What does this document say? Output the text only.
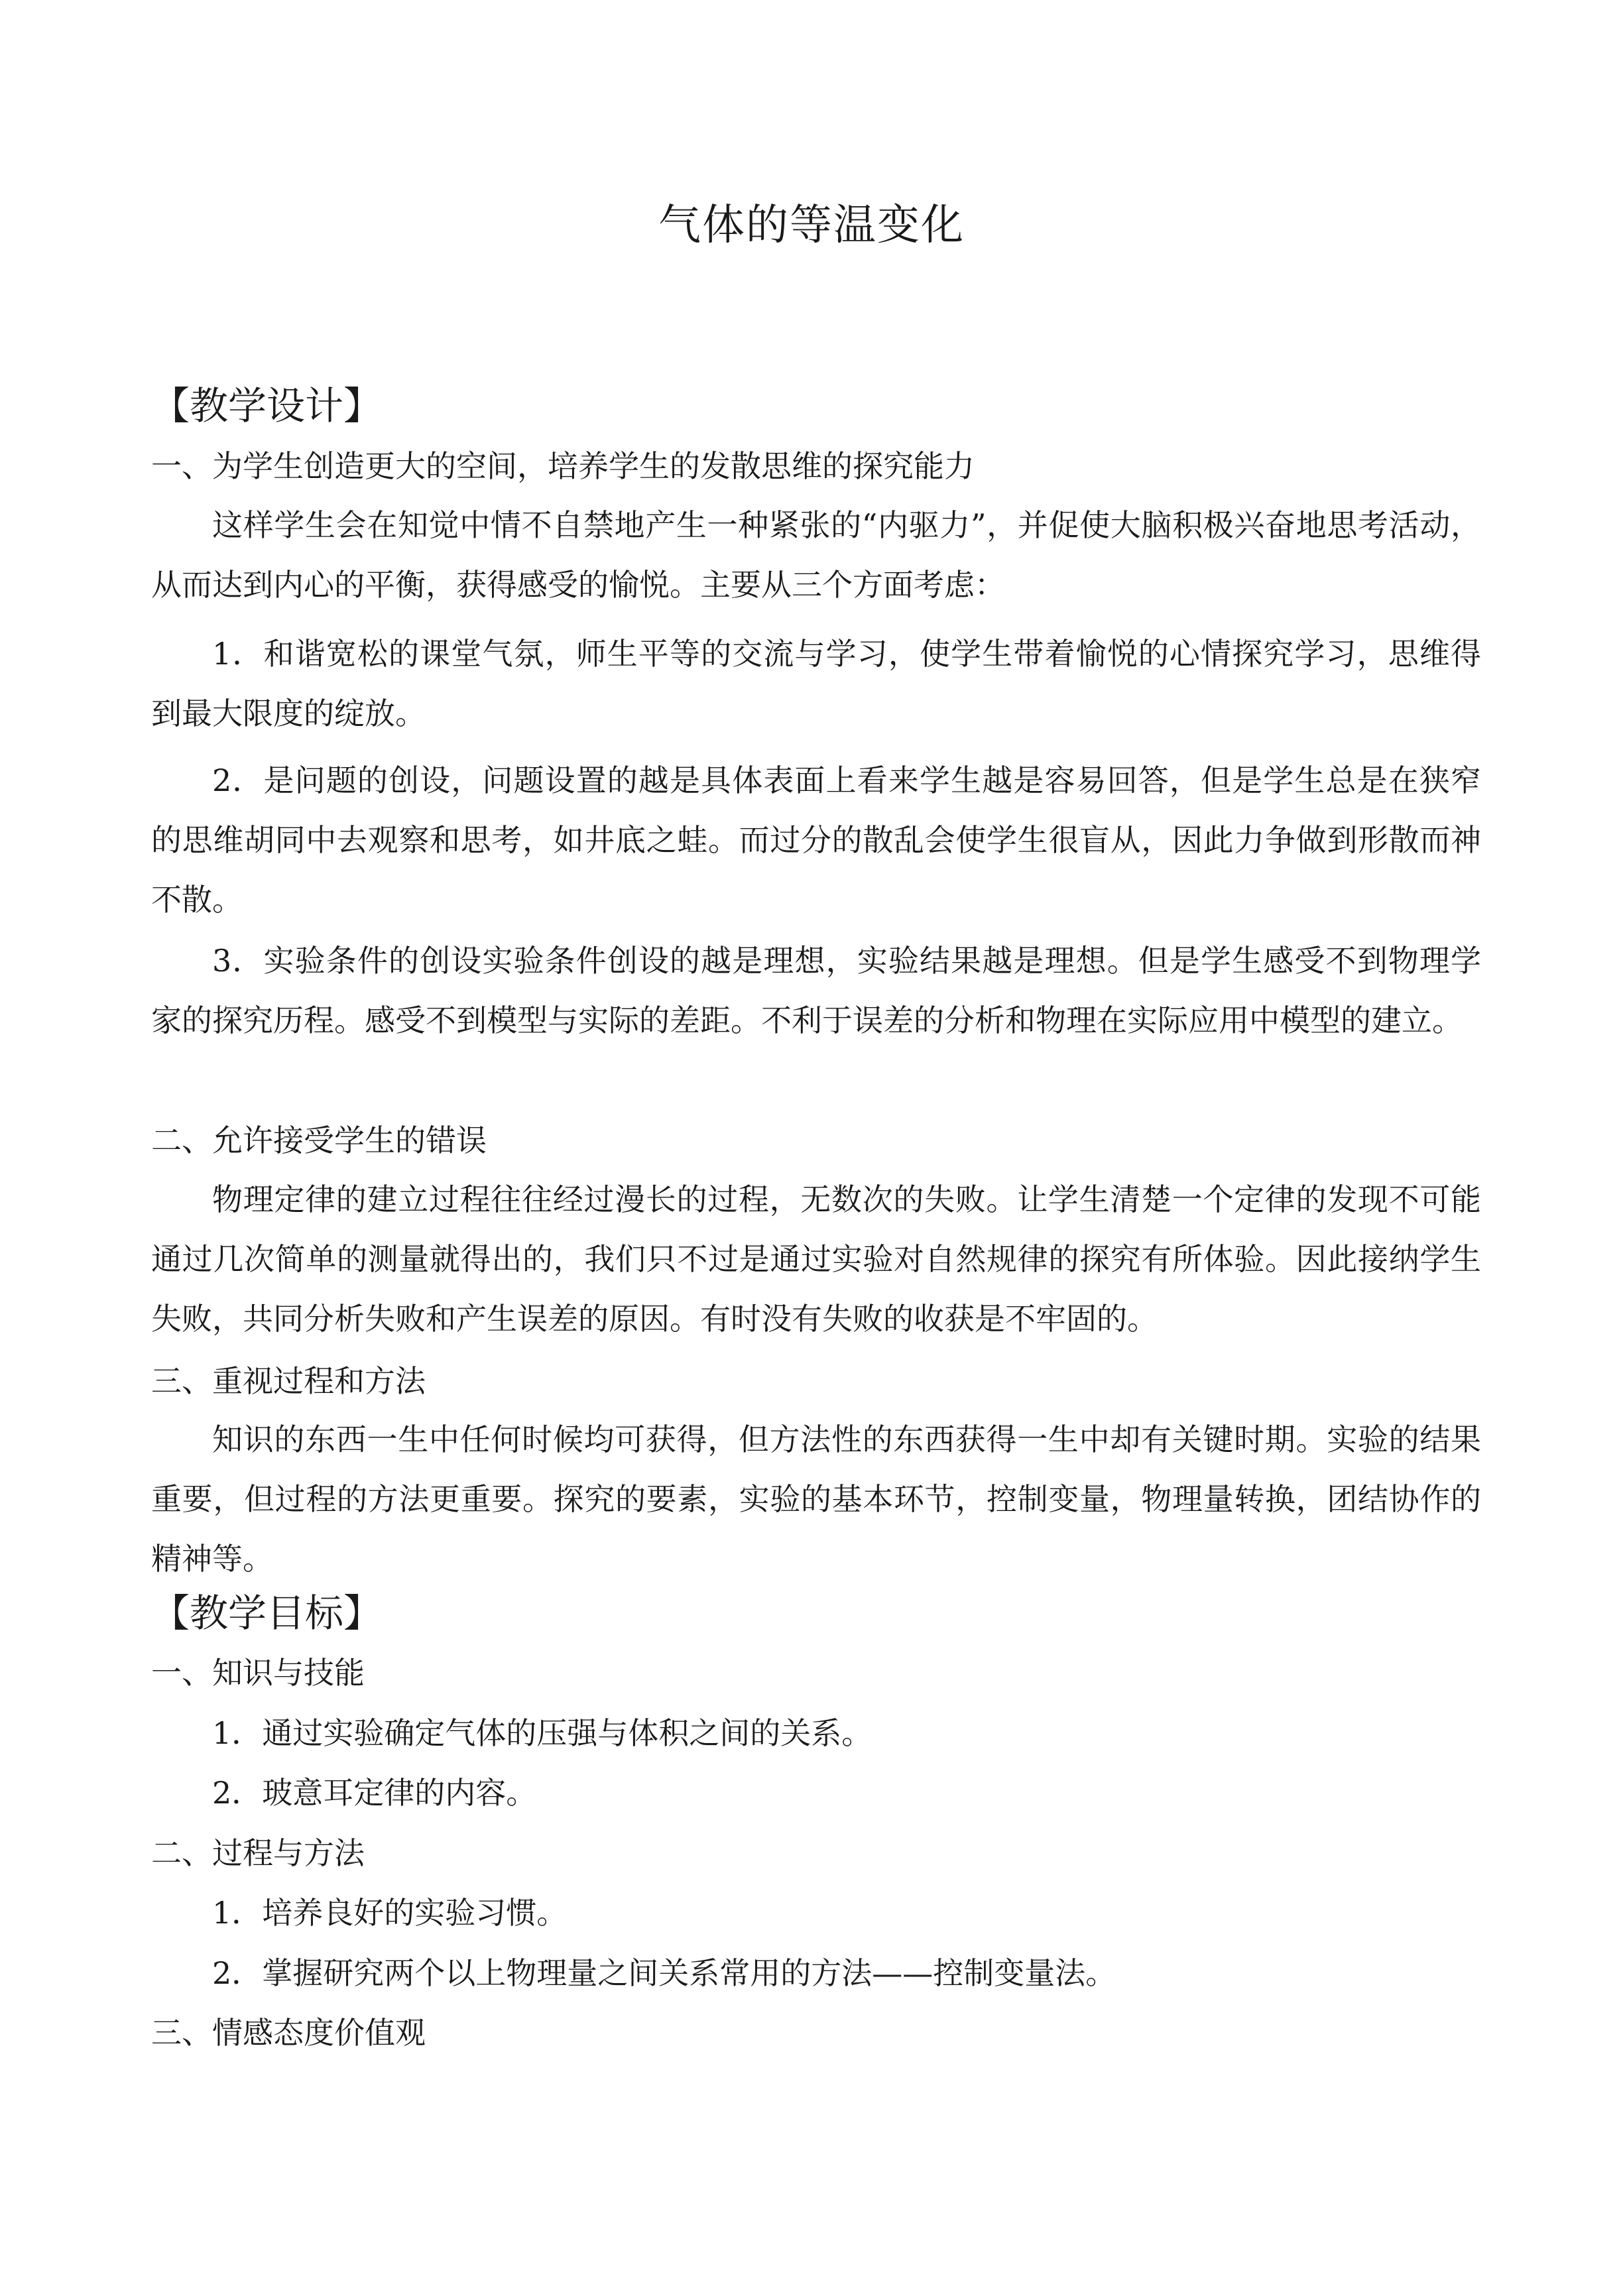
气体的等温变化
【教学设计】
一、为学生创造更大的空间，培养学生的发散思维的探究能力
这样学生会在知觉中情不自禁地产生一种紧张的“内驱力”，并促使大脑积极兴奋地思考活动，从而达到内心的平衡，获得感受的愉悦。主要从三个方面考虑：
1．和谐宽松的课堂气氛，师生平等的交流与学习，使学生带着愉悦的心情探究学习，思维得到最大限度的绽放。
2．是问题的创设，问题设置的越是具体表面上看来学生越是容易回答，但是学生总是在狭窄的思维胡同中去观察和思考，如井底之蛙。而过分的散乱会使学生很盲从，因此力争做到形散而神不散。
3．实验条件的创设实验条件创设的越是理想，实验结果越是理想。但是学生感受不到物理学家的探究历程。感受不到模型与实际的差距。不利于误差的分析和物理在实际应用中模型的建立。
二、允许接受学生的错误
物理定律的建立过程往往经过漫长的过程，无数次的失败。让学生清楚一个定律的发现不可能通过几次简单的测量就得出的，我们只不过是通过实验对自然规律的探究有所体验。因此接纳学生失败，共同分析失败和产生误差的原因。有时没有失败的收获是不牢固的。
三、重视过程和方法
知识的东西一生中任何时候均可获得，但方法性的东西获得一生中却有关键时期。实验的结果重要，但过程的方法更重要。探究的要素，实验的基本环节，控制变量，物理量转换，团结协作的精神等。
【教学目标】
一、知识与技能
1．通过实验确定气体的压强与体积之间的关系。
2．玻意耳定律的内容。
二、过程与方法
1．培养良好的实验习惯。
2．掌握研究两个以上物理量之间关系常用的方法——控制变量法。
三、情感态度价值观
